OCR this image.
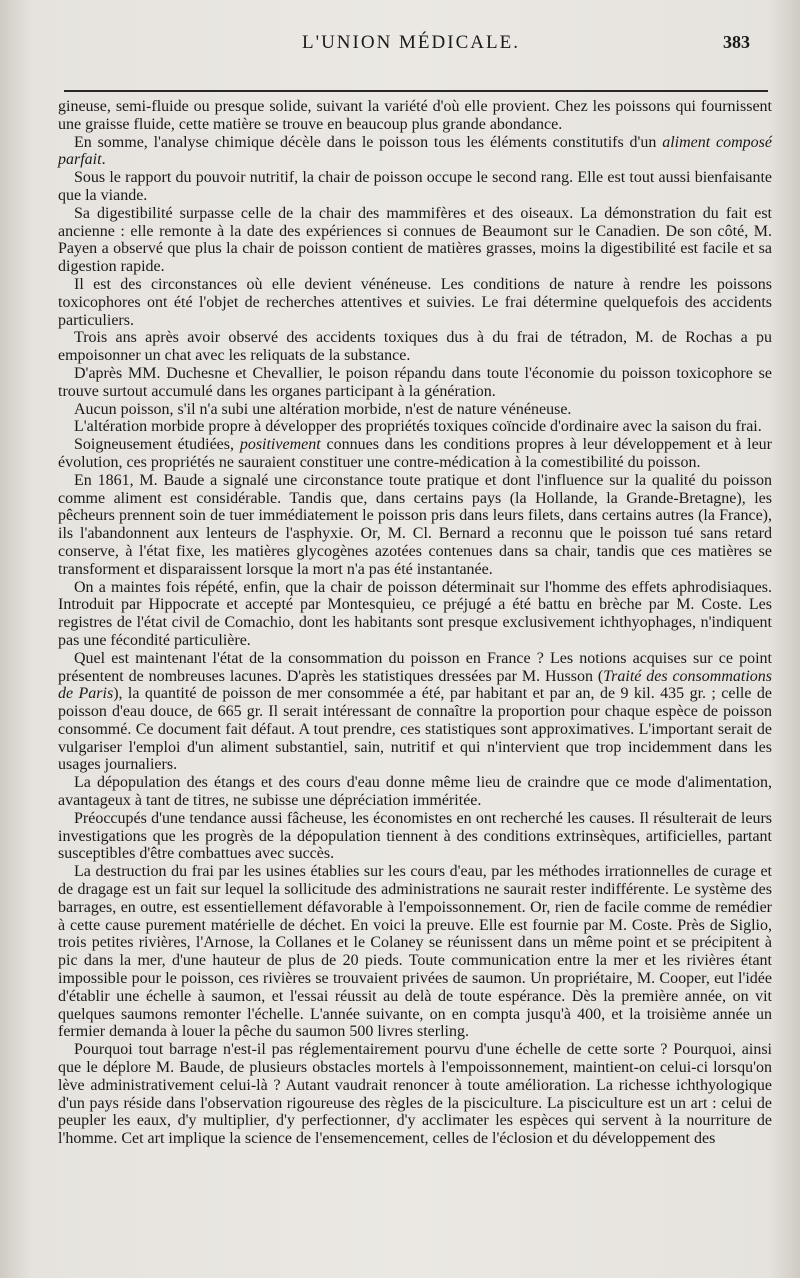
L'UNION MÉDICALE.	383

gineuse, semi-fluide ou presque solide, suivant la variété d'où elle provient. Chez les poissons qui fournissent une graisse fluide, cette matière se trouve en beaucoup plus grande abondance.

En somme, l'analyse chimique décèle dans le poisson tous les éléments constitutifs d'un aliment composé parfait.

Sous le rapport du pouvoir nutritif, la chair de poisson occupe le second rang. Elle est tout aussi bienfaisante que la viande.

Sa digestibilité surpasse celle de la chair des mammifères et des oiseaux. La démonstration du fait est ancienne : elle remonte à la date des expériences si connues de Beaumont sur le Canadien. De son côté, M. Payen a observé que plus la chair de poisson contient de matières grasses, moins la digestibilité est facile et sa digestion rapide.

Il est des circonstances où elle devient vénéneuse. Les conditions de nature à rendre les poissons toxicophores ont été l'objet de recherches attentives et suivies. Le frai détermine quelquefois des accidents particuliers.

Trois ans après avoir observé des accidents toxiques dus à du frai de tétradon, M. de Rochas a pu empoisonner un chat avec les reliquats de la substance.

D'après MM. Duchesne et Chevallier, le poison répandu dans toute l'économie du poisson toxicophore se trouve surtout accumulé dans les organes participant à la génération.

Aucun poisson, s'il n'a subi une altération morbide, n'est de nature vénéneuse.

L'altération morbide propre à développer des propriétés toxiques coïncide d'ordinaire avec la saison du frai.

Soigneusement étudiées, positivement connues dans les conditions propres à leur développement et à leur évolution, ces propriétés ne sauraient constituer une contre-médication à la comestibilité du poisson.

En 1861, M. Baude a signalé une circonstance toute pratique et dont l'influence sur la qualité du poisson comme aliment est considérable. Tandis que, dans certains pays (la Hollande, la Grande-Bretagne), les pêcheurs prennent soin de tuer immédiatement le poisson pris dans leurs filets, dans certains autres (la France), ils l'abandonnent aux lenteurs de l'asphyxie. Or, M. Cl. Bernard a reconnu que le poisson tué sans retard conserve, à l'état fixe, les matières glycogènes azotées contenues dans sa chair, tandis que ces matières se transforment et disparaissent lorsque la mort n'a pas été instantanée.

On a maintes fois répété, enfin, que la chair de poisson déterminait sur l'homme des effets aphrodisiaques. Introduit par Hippocrate et accepté par Montesquieu, ce préjugé a été battu en brèche par M. Coste. Les registres de l'état civil de Comachio, dont les habitants sont presque exclusivement ichthyophages, n'indiquent pas une fécondité particulière.

Quel est maintenant l'état de la consommation du poisson en France ? Les notions acquises sur ce point présentent de nombreuses lacunes. D'après les statistiques dressées par M. Husson (Traité des consommations de Paris), la quantité de poisson de mer consommée a été, par habitant et par an, de 9 kil. 435 gr. ; celle de poisson d'eau douce, de 665 gr. Il serait intéressant de connaître la proportion pour chaque espèce de poisson consommé. Ce document fait défaut. A tout prendre, ces statistiques sont approximatives. L'important serait de vulgariser l'emploi d'un aliment substantiel, sain, nutritif et qui n'intervient que trop incidemment dans les usages journaliers.

La dépopulation des étangs et des cours d'eau donne même lieu de craindre que ce mode d'alimentation, avantageux à tant de titres, ne subisse une dépréciation imméritée.

Préoccupés d'une tendance aussi fâcheuse, les économistes en ont recherché les causes. Il résulterait de leurs investigations que les progrès de la dépopulation tiennent à des conditions extrinsèques, artificielles, partant susceptibles d'être combattues avec succès.

La destruction du frai par les usines établies sur les cours d'eau, par les méthodes irrationnelles de curage et de dragage est un fait sur lequel la sollicitude des administrations ne saurait rester indifférente. Le système des barrages, en outre, est essentiellement défavorable à l'empoissonnement. Or, rien de facile comme de remédier à cette cause purement matérielle de déchet. En voici la preuve. Elle est fournie par M. Coste. Près de Siglio, trois petites rivières, l'Arnose, la Collanes et le Colaney se réunissent dans un même point et se précipitent à pic dans la mer, d'une hauteur de plus de 20 pieds. Toute communication entre la mer et les rivières étant impossible pour le poisson, ces rivières se trouvaient privées de saumon. Un propriétaire, M. Cooper, eut l'idée d'établir une échelle à saumon, et l'essai réussit au delà de toute espérance. Dès la première année, on vit quelques saumons remonter l'échelle. L'année suivante, on en compta jusqu'à 400, et la troisième année un fermier demanda à louer la pêche du saumon 500 livres sterling.

Pourquoi tout barrage n'est-il pas réglementairement pourvu d'une échelle de cette sorte ? Pourquoi, ainsi que le déplore M. Baude, de plusieurs obstacles mortels à l'empoissonnement, maintient-on celui-ci lorsqu'on lève administrativement celui-là ? Autant vaudrait renoncer à toute amélioration. La richesse ichthyologique d'un pays réside dans l'observation rigoureuse des règles de la pisciculture. La pisciculture est un art : celui de peupler les eaux, d'y multiplier, d'y perfectionner, d'y acclimater les espèces qui servent à la nourriture de l'homme. Cet art implique la science de l'ensemencement, celles de l'éclosion et du développement des
